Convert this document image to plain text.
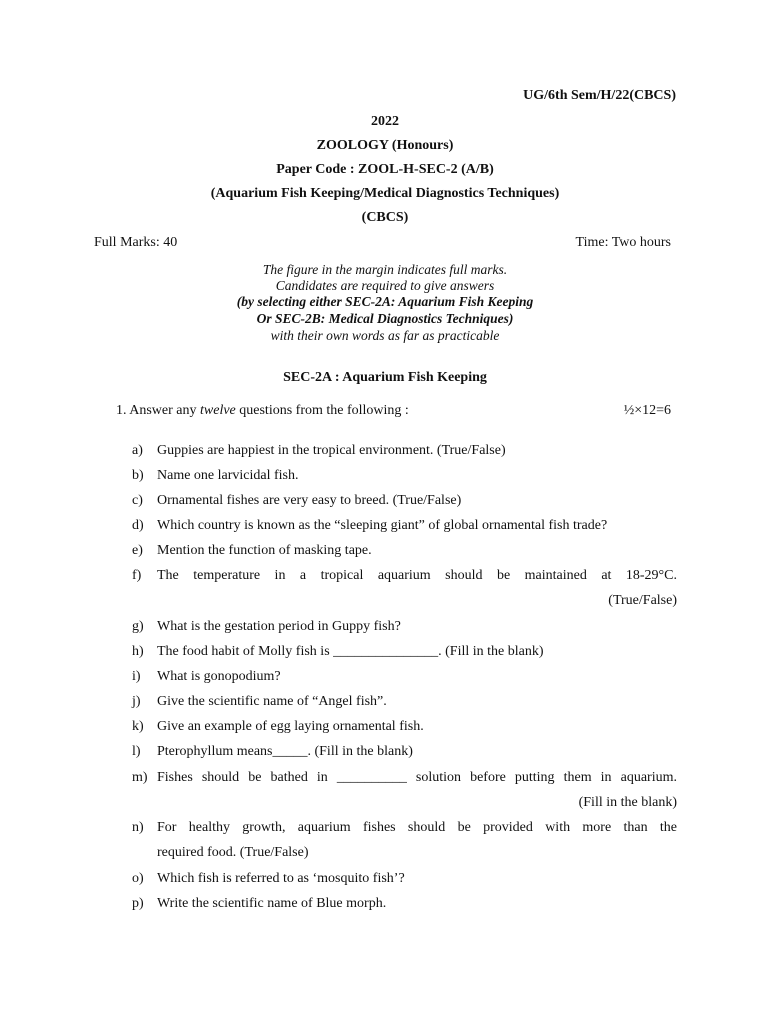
UG/6th Sem/H/22(CBCS)
2022
ZOOLOGY (Honours)
Paper Code : ZOOL-H-SEC-2 (A/B)
(Aquarium Fish Keeping/Medical Diagnostics Techniques)
(CBCS)
Full Marks: 40	Time: Two hours
The figure in the margin indicates full marks.
Candidates are required to give answers
(by selecting either SEC-2A: Aquarium Fish Keeping
Or SEC-2B: Medical Diagnostics Techniques)
with their own words as far as practicable
SEC-2A : Aquarium Fish Keeping
1. Answer any twelve questions from the following :	½×12=6
a)	Guppies are happiest in the tropical environment. (True/False)
b) Name one larvicidal fish.
c)	Ornamental fishes are very easy to breed. (True/False)
d) Which country is known as the “sleeping giant” of global ornamental fish trade?
e)	Mention the function of masking tape.
f)	The temperature in a tropical aquarium should be maintained at 18-29°C.
(True/False)
g) What is the gestation period in Guppy fish?
h) The food habit of Molly fish is _______________. (Fill in the blank)
i)	What is gonopodium?
j)	Give the scientific name of “Angel fish”.
k) Give an example of egg laying ornamental fish.
l)	Pterophyllum means_____. (Fill in the blank)
m) Fishes should be bathed in __________ solution before putting them in aquarium.
(Fill in the blank)
n) For healthy growth, aquarium fishes should be provided with more than the
required food. (True/False)
o) Which fish is referred to as ‘mosquito fish’?
p) Write the scientific name of Blue morph.
